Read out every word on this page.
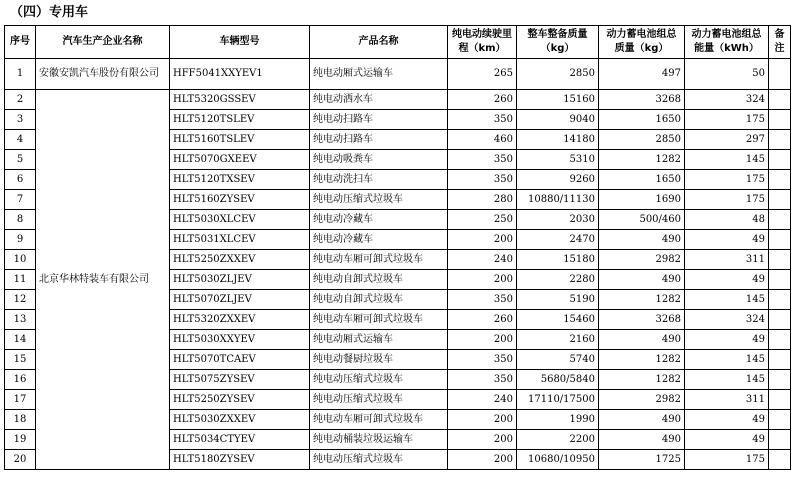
（四）专用车
序号	汽车生产企业名称	车辆型号	产品名称	纯电动续驶里程（km）	整车整备质量（kg）	动力蓄电池组总质量（kg）	动力蓄电池组总能量（kWh）	备注
1	安徽安凯汽车股份有限公司	HFF5041XXYEV1	纯电动厢式运输车	265	2850	497	50	
2	北京华林特装车有限公司	HLT5320GSSEV	纯电动洒水车	260	15160	3268	324	
3		HLT5120TSLEV	纯电动扫路车	350	9040	1650	175	
4		HLT5160TSLEV	纯电动扫路车	460	14180	2850	297	
5		HLT5070GXEEV	纯电动吸粪车	350	5310	1282	145	
6		HLT5120TXSEV	纯电动洗扫车	350	9260	1650	175	
7		HLT5160ZYSEV	纯电动压缩式垃圾车	280	10880/11130	1690	175	
8		HLT5030XLCEV	纯电动冷藏车	250	2030	500/460	48	
9		HLT5031XLCEV	纯电动冷藏车	200	2470	490	49	
10		HLT5250ZXXEV	纯电动车厢可卸式垃圾车	240	15180	2982	311	
11		HLT5030ZLJEV	纯电动自卸式垃圾车	200	2280	490	49	
12		HLT5070ZLJEV	纯电动自卸式垃圾车	350	5190	1282	145	
13		HLT5320ZXXEV	纯电动车厢可卸式垃圾车	260	15460	3268	324	
14		HLT5030XXYEV	纯电动厢式运输车	200	2160	490	49	
15		HLT5070TCAEV	纯电动餐厨垃圾车	350	5740	1282	145	
16		HLT5075ZYSEV	纯电动压缩式垃圾车	350	5680/5840	1282	145	
17		HLT5250ZYSEV	纯电动压缩式垃圾车	240	17110/17500	2982	311	
18		HLT5030ZXXEV	纯电动车厢可卸式垃圾车	200	1990	490	49	
19		HLT5034CTYEV	纯电动桶装垃圾运输车	200	2200	490	49	
20		HLT5180ZYSEV	纯电动压缩式垃圾车	200	10680/10950	1725	175	
